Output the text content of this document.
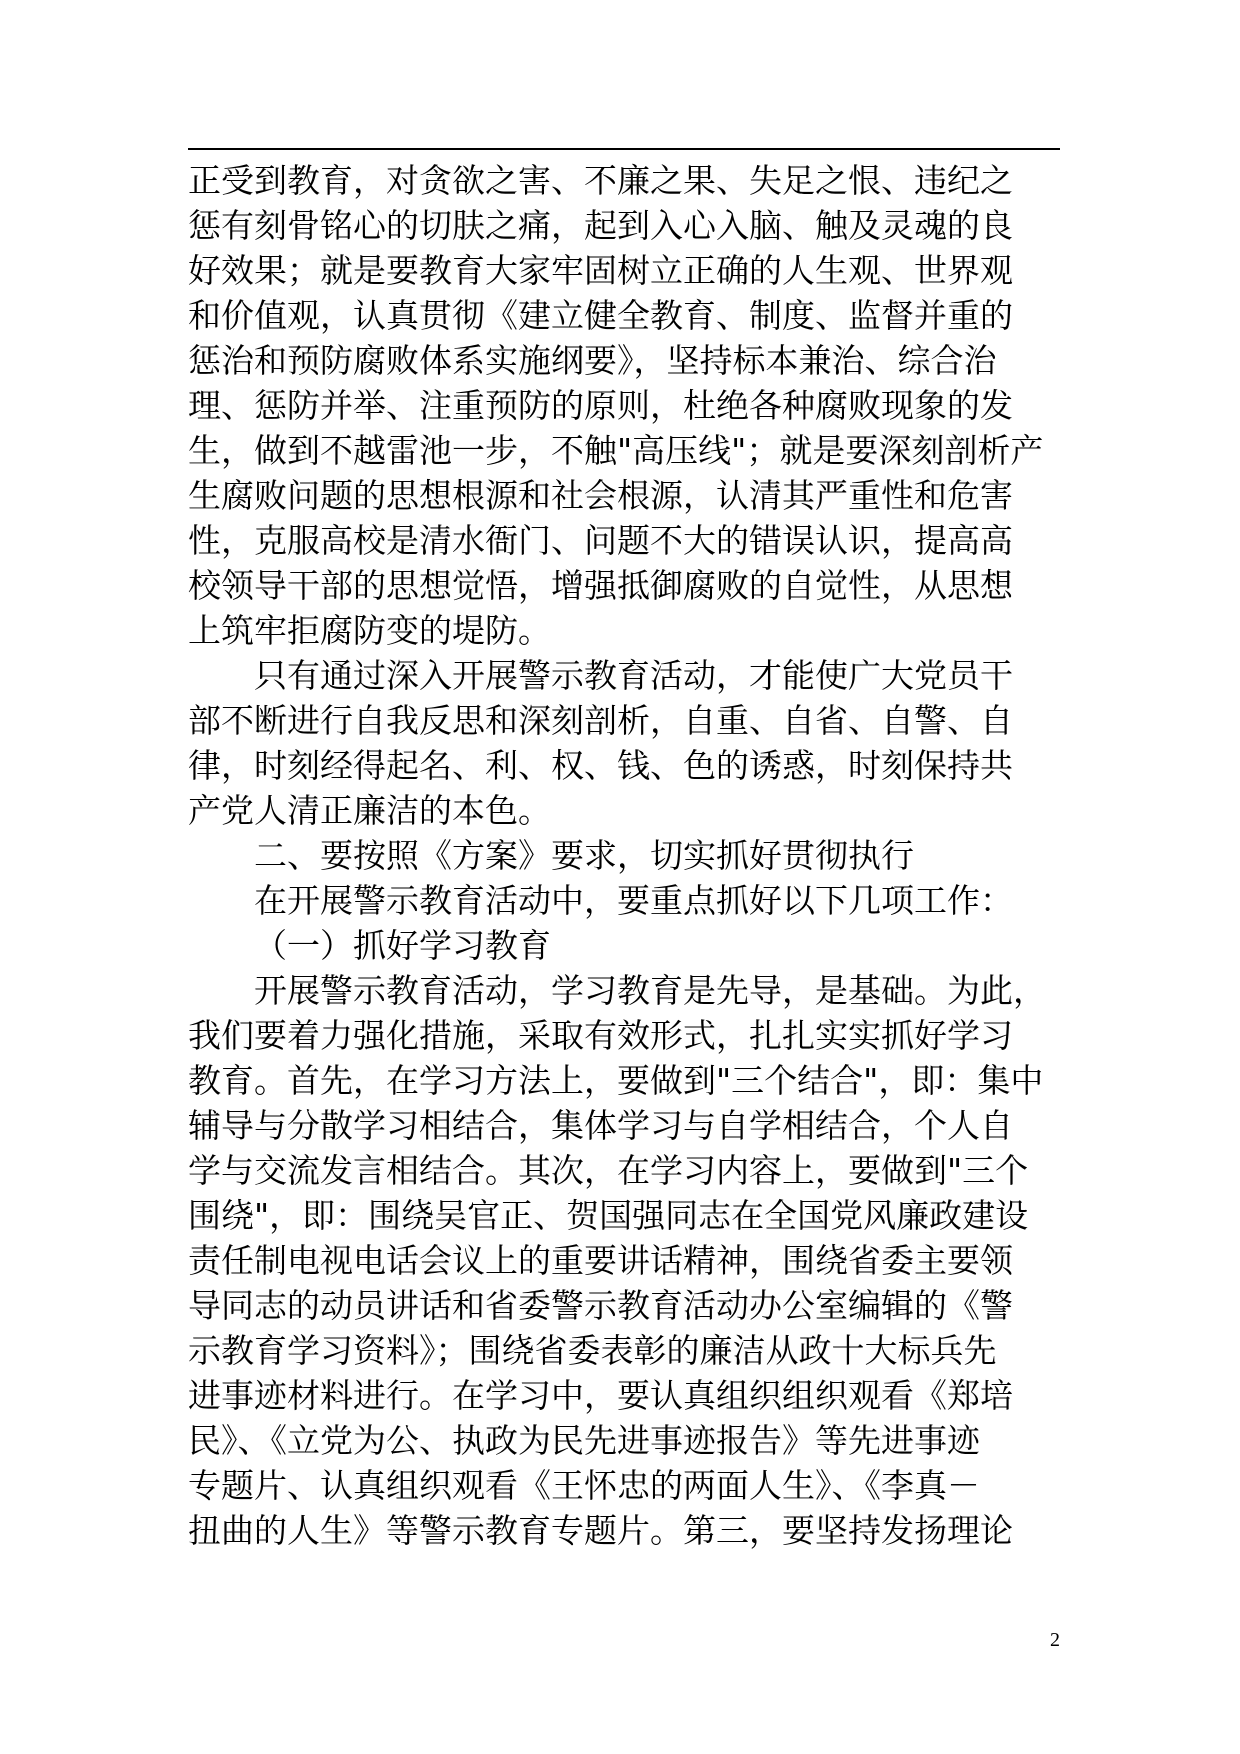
正受到教育，对贪欲之害、不廉之果、失足之恨、违纪之
惩有刻骨铭心的切肤之痛，起到入心入脑、触及灵魂的良
好效果；就是要教育大家牢固树立正确的人生观、世界观
和价值观，认真贯彻《建立健全教育、制度、监督并重的
惩治和预防腐败体系实施纲要》，坚持标本兼治、综合治
理、惩防并举、注重预防的原则，杜绝各种腐败现象的发
生，做到不越雷池一步，不触"高压线"；就是要深刻剖析产
生腐败问题的思想根源和社会根源，认清其严重性和危害
性，克服高校是清水衙门、问题不大的错误认识，提高高
校领导干部的思想觉悟，增强抵御腐败的自觉性，从思想
上筑牢拒腐防变的堤防。
只有通过深入开展警示教育活动，才能使广大党员干
部不断进行自我反思和深刻剖析，自重、自省、自警、自
律，时刻经得起名、利、权、钱、色的诱惑，时刻保持共
产党人清正廉洁的本色。
二、要按照《方案》要求，切实抓好贯彻执行
在开展警示教育活动中，要重点抓好以下几项工作：
（一）抓好学习教育
开展警示教育活动，学习教育是先导，是基础。为此，
我们要着力强化措施，采取有效形式，扎扎实实抓好学习
教育。首先，在学习方法上，要做到"三个结合"，即：集中
辅导与分散学习相结合，集体学习与自学相结合，个人自
学与交流发言相结合。其次，在学习内容上，要做到"三个
围绕"，即：围绕吴官正、贺国强同志在全国党风廉政建设
责任制电视电话会议上的重要讲话精神，围绕省委主要领
导同志的动员讲话和省委警示教育活动办公室编辑的《警
示教育学习资料》；围绕省委表彰的廉洁从政十大标兵先
进事迹材料进行。在学习中，要认真组织组织观看《郑培
民》、《立党为公、执政为民先进事迹报告》等先进事迹
专题片、认真组织观看《王怀忠的两面人生》、《李真－
扭曲的人生》等警示教育专题片。第三，要坚持发扬理论
2
